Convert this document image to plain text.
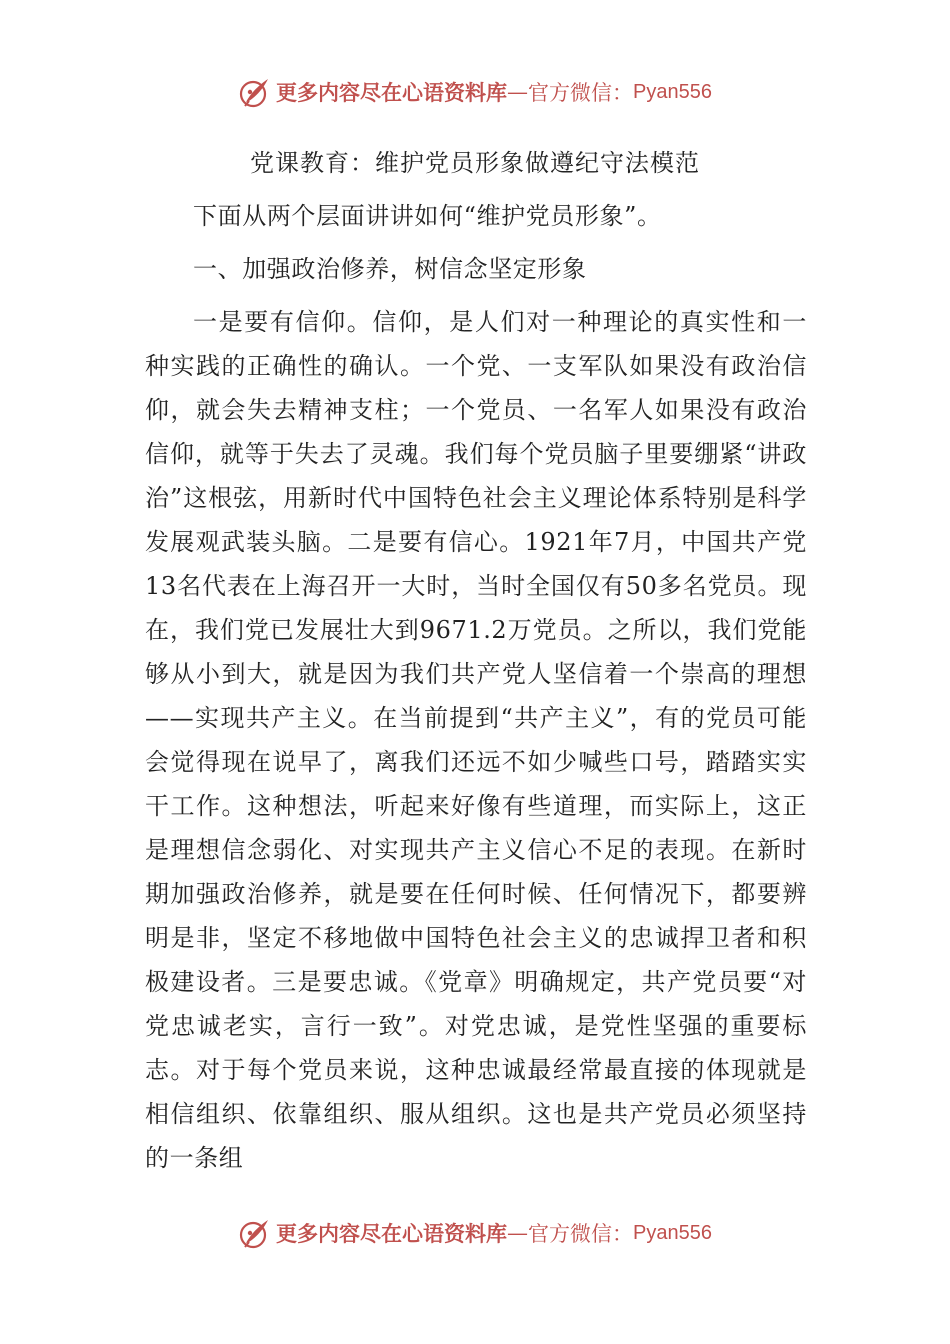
更多内容尽在心语资料库 — 官方微信： Pyan556
党课教育：维护党员形象做遵纪守法模范

下面从两个层面讲讲如何“维护党员形象”。

一、加强政治修养，树信念坚定形象

一是要有信仰。信仰，是人们对一种理论的真实性和一种实践的正确性的确认。一个党、一支军队如果没有政治信仰，就会失去精神支柱；一个党员、一名军人如果没有政治信仰，就等于失去了灵魂。我们每个党员脑子里要绷紧“讲政治”这根弦，用新时代中国特色社会主义理论体系特别是科学发展观武装头脑。二是要有信心。1921年7月，中国共产党13名代表在上海召开一大时，当时全国仅有50多名党员。现在，我们党已发展壮大到9671.2万党员。之所以，我们党能够从小到大，就是因为我们共产党人坚信着一个崇高的理想——实现共产主义。在当前提到“共产主义”，有的党员可能会觉得现在说早了，离我们还远不如少喊些口号，踏踏实实干工作。这种想法，听起来好像有些道理，而实际上，这正是理想信念弱化、对实现共产主义信心不足的表现。在新时期加强政治修养，就是要在任何时候、任何情况下，都要辨明是非，坚定不移地做中国特色社会主义的忠诚捍卫者和积极建设者。三是要忠诚。《党章》明确规定，共产党员要“对党忠诚老实，言行一致”。对党忠诚，是党性坚强的重要标志。对于每个党员来说，这种忠诚最经常最直接的体现就是相信组织、依靠组织、服从组织。这也是共产党员必须坚持的一条组

更多内容尽在心语资料库 — 官方微信： Pyan556
